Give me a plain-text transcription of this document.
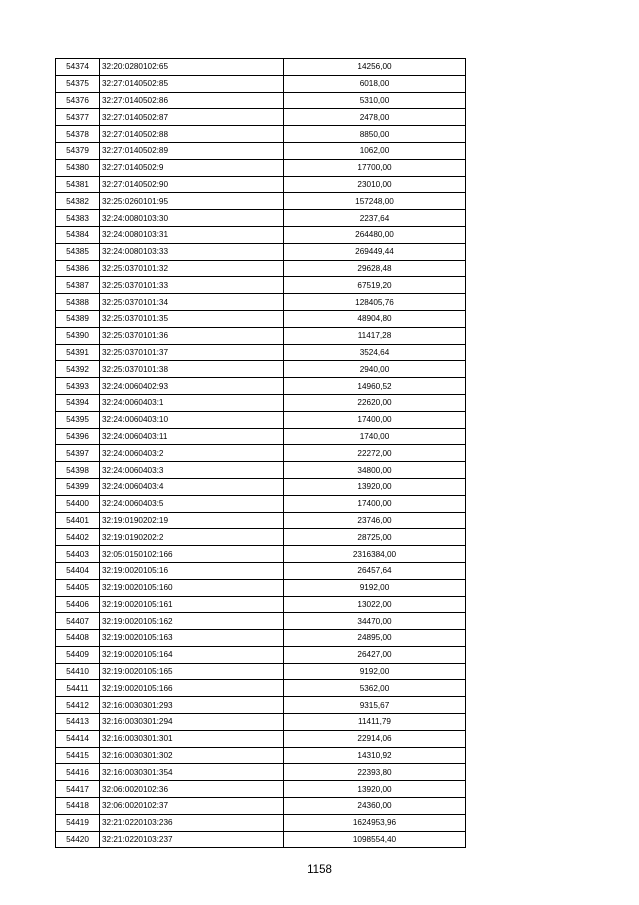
54374	32:20:0280102:65	14256,00
54375	32:27:0140502:85	6018,00
54376	32:27:0140502:86	5310,00
54377	32:27:0140502:87	2478,00
54378	32:27:0140502:88	8850,00
54379	32:27:0140502:89	1062,00
54380	32:27:0140502:9	17700,00
54381	32:27:0140502:90	23010,00
54382	32:25:0260101:95	157248,00
54383	32:24:0080103:30	2237,64
54384	32:24:0080103:31	264480,00
54385	32:24:0080103:33	269449,44
54386	32:25:0370101:32	29628,48
54387	32:25:0370101:33	67519,20
54388	32:25:0370101:34	128405,76
54389	32:25:0370101:35	48904,80
54390	32:25:0370101:36	11417,28
54391	32:25:0370101:37	3524,64
54392	32:25:0370101:38	2940,00
54393	32:24:0060402:93	14960,52
54394	32:24:0060403:1	22620,00
54395	32:24:0060403:10	17400,00
54396	32:24:0060403:11	1740,00
54397	32:24:0060403:2	22272,00
54398	32:24:0060403:3	34800,00
54399	32:24:0060403:4	13920,00
54400	32:24:0060403:5	17400,00
54401	32:19:0190202:19	23746,00
54402	32:19:0190202:2	28725,00
54403	32:05:0150102:166	2316384,00
54404	32:19:0020105:16	26457,64
54405	32:19:0020105:160	9192,00
54406	32:19:0020105:161	13022,00
54407	32:19:0020105:162	34470,00
54408	32:19:0020105:163	24895,00
54409	32:19:0020105:164	26427,00
54410	32:19:0020105:165	9192,00
54411	32:19:0020105:166	5362,00
54412	32:16:0030301:293	9315,67
54413	32:16:0030301:294	11411,79
54414	32:16:0030301:301	22914,06
54415	32:16:0030301:302	14310,92
54416	32:16:0030301:354	22393,80
54417	32:06:0020102:36	13920,00
54418	32:06:0020102:37	24360,00
54419	32:21:0220103:236	1624953,96
54420	32:21:0220103:237	1098554,40
1158
